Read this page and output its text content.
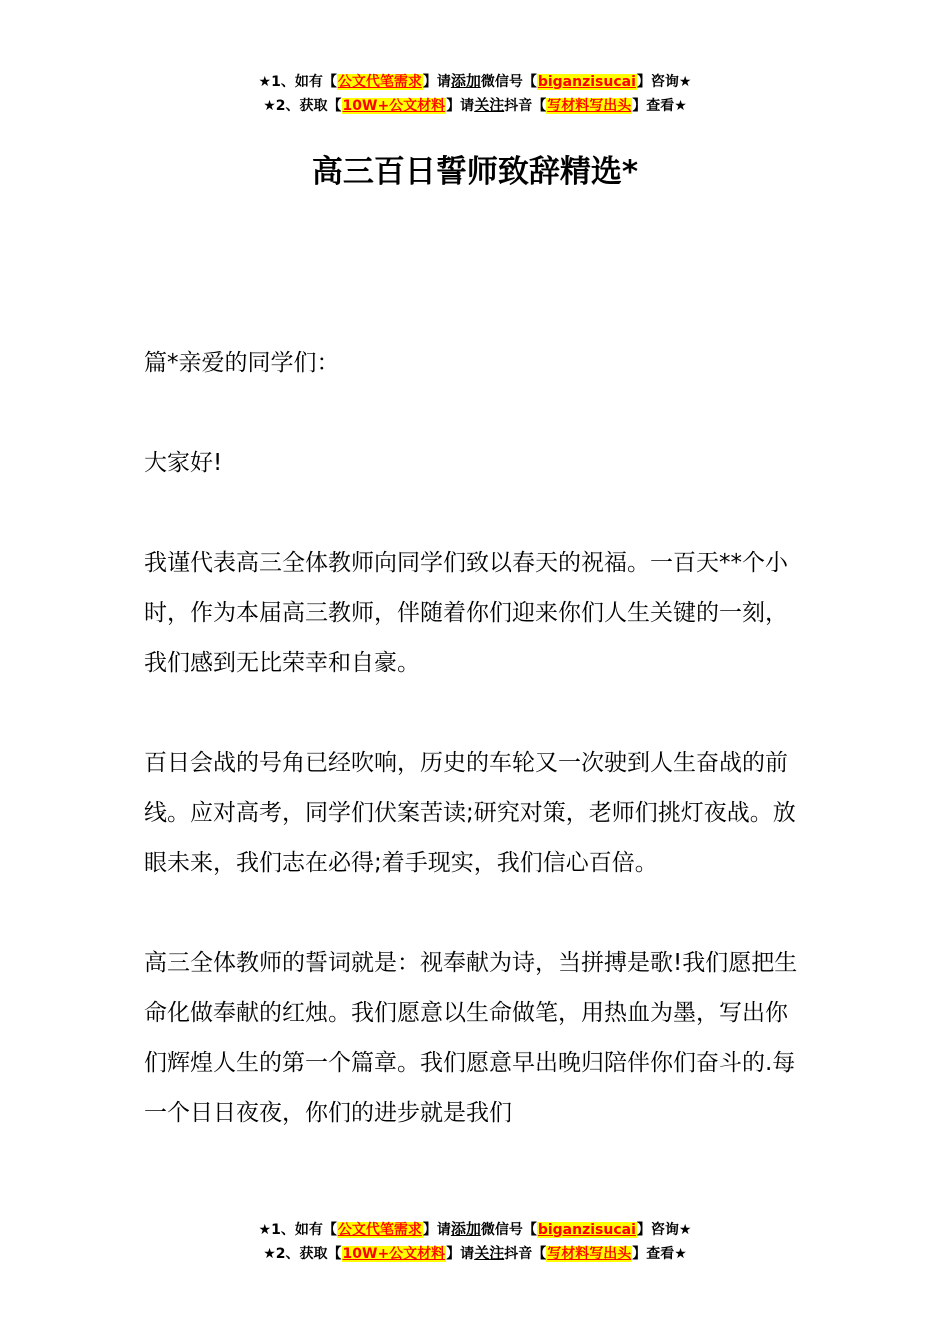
★1、如有【公文代笔需求】请添加微信号【biganzisucai】咨询★
★2、获取【10W+公文材料】请关注抖音【写材料写出头】查看★
高三百日誓师致辞精选*

篇*亲爱的同学们：

大家好!

我谨代表高三全体教师向同学们致以春天的祝福。一百天**个小时，作为本届高三教师，伴随着你们迎来你们人生关键的一刻，我们感到无比荣幸和自豪。

百日会战的号角已经吹响，历史的车轮又一次驶到人生奋战的前线。应对高考，同学们伏案苦读;研究对策，老师们挑灯夜战。放眼未来，我们志在必得;着手现实，我们信心百倍。

高三全体教师的誓词就是：视奉献为诗，当拼搏是歌!我们愿把生命化做奉献的红烛。我们愿意以生命做笔，用热血为墨，写出你们辉煌人生的第一个篇章。我们愿意早出晚归陪伴你们奋斗的.每一个日日夜夜，你们的进步就是我们

★1、如有【公文代笔需求】请添加微信号【biganzisucai】咨询★
★2、获取【10W+公文材料】请关注抖音【写材料写出头】查看★
